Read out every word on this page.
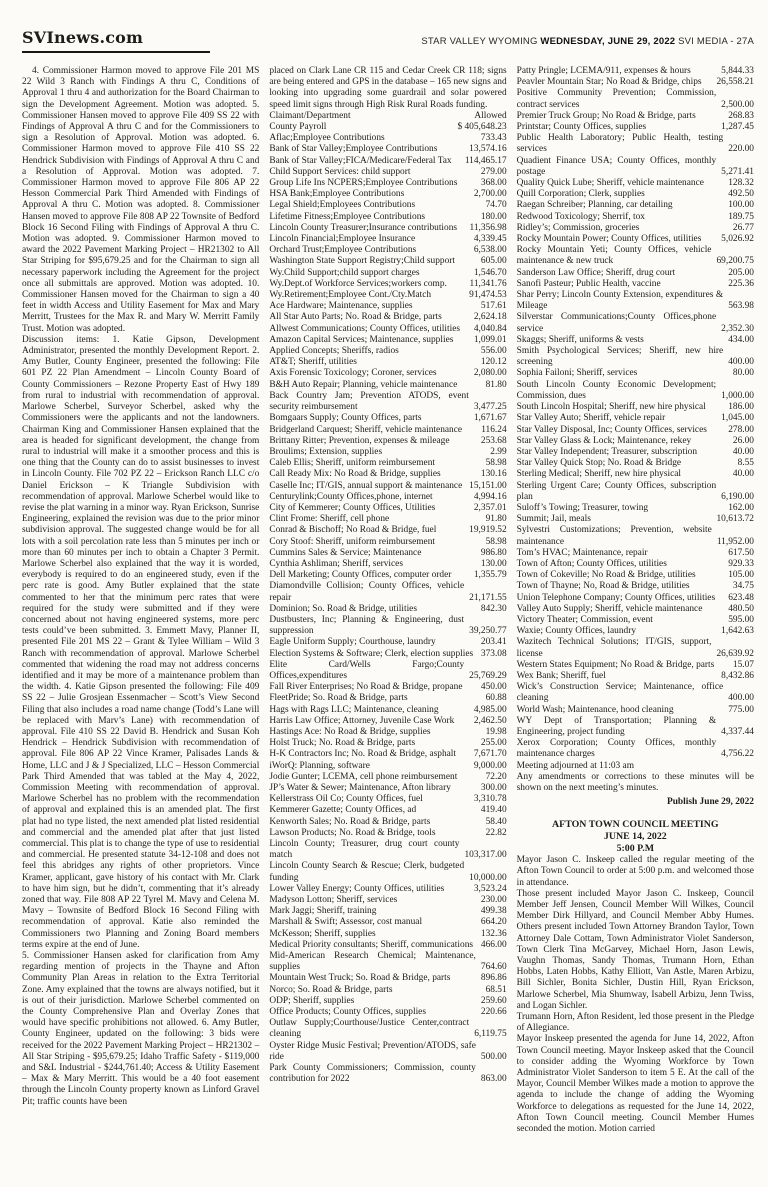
SVInews.com	STAR VALLEY WYOMING WEDNESDAY, JUNE 29, 2022 SVI MEDIA - 27A

4. Commissioner Harmon moved to approve File 201 MS 22 Wild 3 Ranch with Findings A thru C, Conditions of Approval 1 thru 4 and authorization for the Board Chairman to sign the Development Agreement. Motion was adopted. 5. Commissioner Hansen moved to approve File 409 SS 22 with Findings of Approval A thru C and for the Commissioners to sign a Resolution of Approval. Motion was adopted. 6. Commissioner Harmon moved to approve File 410 SS 22 Hendrick Subdivision with Findings of Approval A thru C and a Resolution of Approval. Motion was adopted. 7. Commissioner Harmon moved to approve File 806 AP 22 Hesson Commercial Park Third Amended with Findings of Approval A thru C. Motion was adopted. 8. Commissioner Hansen moved to approve File 808 AP 22 Townsite of Bedford Block 16 Second Filing with Findings of Approval A thru C. Motion was adopted. 9. Commissioner Harmon moved to award the 2022 Pavement Marking Project – HR21302 to All Star Striping for $95,679.25 and for the Chairman to sign all necessary paperwork including the Agreement for the project once all submittals are approved. Motion was adopted. 10. Commissioner Hansen moved for the Chairman to sign a 40 feet in width Access and Utility Easement for Max and Mary Merritt, Trustees for the Max R. and Mary W. Merritt Family Trust. Motion was adopted.

Discussion items: 1. Katie Gipson, Development Administrator, presented the monthly Development Report. 2. Amy Butler, County Engineer, presented the following: File 601 PZ 22 Plan Amendment – Lincoln County Board of County Commissioners – Rezone Property East of Hwy 189 from rural to industrial with recommendation of approval. Marlowe Scherbel, Surveyor Scherbel, asked why the Commissioners were the applicants and not the landowners. Chairman King and Commissioner Hansen explained that the area is headed for significant development, the change from rural to industrial will make it a smoother process and this is one thing that the County can do to assist businesses to invest in Lincoln County. File 702 PZ 22 – Erickson Ranch LLC c/o Daniel Erickson – K Triangle Subdivision with recommendation of approval. Marlowe Scherbel would like to revise the plat warning in a minor way. Ryan Erickson, Sunrise Engineering, explained the revision was due to the prior minor subdivision approval. The suggested change would be for all lots with a soil percolation rate less than 5 minutes per inch or more than 60 minutes per inch to obtain a Chapter 3 Permit. Marlowe Scherbel also explained that the way it is worded, everybody is required to do an engineered study, even if the perc rate is good. Amy Butler explained that the state commented to her that the minimum perc rates that were required for the study were submitted and if they were concerned about not having engineered systems, more perc tests could’ve been submitted. 3. Emmett Mavy, Planner II, presented File 201 MS 22 – Grant & Tylee William – Wild 3 Ranch with recommendation of approval. Marlowe Scherbel commented that widening the road may not address concerns identified and it may be more of a maintenance problem than the width. 4. Katie Gipson presented the following: File 409 SS 22 – Julie Grosjean Essenmacher – Scott’s View Second Filing that also includes a road name change (Todd’s Lane will be replaced with Marv’s Lane) with recommendation of approval. File 410 SS 22 David B. Hendrick and Susan Koh Hendrick – Hendrick Subdivision with recommendation of approval. File 806 AP 22 Vince Kramer, Palisades Lands & Home, LLC and J & J Specialized, LLC – Hesson Commercial Park Third Amended that was tabled at the May 4, 2022, Commission Meeting with recommendation of approval. Marlowe Scherbel has no problem with the recommendation of approval and explained this is an amended plat. The first plat had no type listed, the next amended plat listed residential and commercial and the amended plat after that just listed commercial. This plat is to change the type of use to residential and commercial. He presented statute 34-12-108 and does not feel this abridges any rights of other proprietors. Vince Kramer, applicant, gave history of his contact with Mr. Clark to have him sign, but he didn’t, commenting that it’s already zoned that way. File 808 AP 22 Tyrel M. Mavy and Celena M. Mavy – Townsite of Bedford Block 16 Second Filing with recommendation of approval. Katie also reminded the Commissioners two Planning and Zoning Board members terms expire at the end of June.

5. Commissioner Hansen asked for clarification from Amy regarding mention of projects in the Thayne and Afton Community Plan Areas in relation to the Extra Territorial Zone. Amy explained that the towns are always notified, but it is out of their jurisdiction. Marlowe Scherbel commented on the County Comprehensive Plan and Overlay Zones that would have specific prohibitions not allowed. 6. Amy Butler, County Engineer, updated on the following: 3 bids were received for the 2022 Pavement Marking Project – HR21302 – All Star Striping - $95,679.25; Idaho Traffic Safety - $119,000 and S&L Industrial - $244,761.40; Access & Utility Easement – Max & Mary Merritt. This would be a 40 foot easement through the Lincoln County property known as Linford Gravel Pit; traffic counts have been

placed on Clark Lane CR 115 and Cedar Creek CR 118; signs are being entered and GPS in the database – 165 new signs and looking into upgrading some guardrail and solar powered speed limit signs through High Risk Rural Roads funding.

Claimant/Department	Allowed
County Payroll	$ 405,648.23
Aflac;Employee Contributions	733.43
Bank of Star Valley;Employee Contributions	13,574.16
Bank of Star Valley;FICA/Medicare/Federal Tax	114,465.17
Child Support Services: child support	279.00
Group Life Ins NCPERS;Employee Contributions	368.00
HSA Bank;Employee Contributions	2,700.00
Legal Shield;Employees Contributions	74.70
Lifetime Fitness;Employee Contributions	180.00
Lincoln County Treasurer;Insurance contributions	11,356.98
Lincoln Financial;Employee Insurance	4,339.45
Orchard Trust;Employee Contributions	6,538.00
Washington State Support Registry;Child support	605.00
Wy.Child Support;child support charges	1,546.70
Wy.Dept.of Workforce Services;workers comp.	11,341.76
Wy.Retirement;Employee Cont./Cty.Match	91,474.53
Ace Hardware; Maintenance, supplies	517.61
All Star Auto Parts; No. Road & Bridge, parts	2,624.18
Allwest Communications; County Offices, utilities	4,040.84
Amazon Capital Services; Maintenance, supplies	1,099.01
Applied Concepts; Sheriffs, radios	556.00
AT&T; Sheriff, utilities	120.12
Axis Forensic Toxicology; Coroner, services	2,080.00
B&H Auto Repair; Planning, vehicle maintenance	81.80
Back Country Jam; Prevention ATODS, event security reimbursement	3,477.25
Bomgaars Supply; County Offices, parts	1,671.67
Bridgerland Carquest; Sheriff, vehicle maintenance	116.24
Brittany Ritter; Prevention, expenses & mileage	253.68
Broulims; Extension, supplies	2.99
Caleb Ellis; Sheriff, uniform reimbursement	58.98
Call Ready Mix: No Road & Bridge, supplies	130.16
Caselle Inc; IT/GIS, annual support & maintenance 15,151.00
Centurylink;County Offices,phone, internet	4,994.16
City of Kemmerer; County Offices, Utilities	2,357.01
Clint Frome: Sheriff, cell phone	91.80
Conrad & Bischoff; No Road & Bridge, fuel	19,919.52
Cory Stoof: Sheriff, uniform reimbursement	58.98
Cummins Sales & Service; Maintenance	986.80
Cynthia Ashliman; Sheriff, services	130.00
Dell Marketing; County Offices, computer order	1,355.79
Diamondville Collision; County Offices, vehicle repair	21,171.55
Dominion; So. Road & Bridge, utilities	842.30
Dustbusters, Inc; Planning & Engineering, dust suppression	39,250.77
Eagle Uniform Supply; Courthouse, laundry	203.41
Election Systems & Software; Clerk, election supplies 373.08
Elite Card/Wells Fargo;County Offices,expenditures	25,769.29
Fall River Enterprises; No Road & Bridge, propane	450.00
FleetPride; So. Road & Bridge, parts	60.88
Hags with Rags LLC; Maintenance, cleaning	4,985.00
Harris Law Office; Attorney, Juvenile Case Work	2,462.50
Hastings Ace: No Road & Bridge, supplies	19.98
Holst Truck; No. Road & Bridge, parts	255.00
H-K Contractors Inc; No. Road & Bridge, asphalt	7,671.70
iWorQ: Planning, software	9,000.00
Jodie Gunter; LCEMA, cell phone reimbursement	72.20
JP’s Water & Sewer; Maintenance, Afton library	300.00
Kellerstrass Oil Co; County Offices, fuel	3,310.78
Kemmerer Gazette; County Offices, ad	419.40
Kenworth Sales; No. Road & Bridge, parts	58.40
Lawson Products; No. Road & Bridge, tools	22.82
Lincoln County; Treasurer, drug court county match	103,317.00
Lincoln County Search & Rescue; Clerk, budgeted funding	10,000.00
Lower Valley Energy; County Offices, utilities	3,523.24
Madyson Lotton; Sheriff, services	230.00
Mark Jaggi; Sheriff, training	499.38
Marshall & Swift; Assessor, cost manual	664.20
McKesson; Sheriff, supplies	132.36
Medical Priority consultants; Sheriff, communications 466.00
Mid-American Research Chemical; Maintenance, supplies	764.60
Mountain West Truck; So. Road & Bridge, parts	896.86
Norco; So. Road & Bridge, parts	68.51
ODP; Sheriff, supplies	259.60
Office Products; County Offices, supplies	220.66
Outlaw Supply;Courthouse/Justice Center,contract cleaning	6,119.75
Oyster Ridge Music Festival; Prevention/ATODS, safe ride	500.00
Park County Commissioners; Commission, county contribution for 2022	863.00
Patty Pringle; LCEMA/911, expenses & hours	5,844.33
Peavler Mountain Star; No Road & Bridge, chips	26,558.21
Positive Community Prevention; Commission, contract services	2,500.00
Premier Truck Group; No Road & Bridge, parts	268.83
Printstar; County Offices, supplies	1,287.45
Public Health Laboratory; Public Health, testing services	220.00
Quadient Finance USA; County Offices, monthly postage	5,271.41
Quality Quick Lube; Sheriff, vehicle maintenance	128.32
Quill Corporation; Clerk, supplies	492.50
Raegan Schreiber; Planning, car detailing	100.00
Redwood Toxicology; Sherrif, tox	189.75
Ridley’s; Commission, groceries	26.77
Rocky Mountain Power; County Offices, utilities	5,026.92
Rocky Mountain Yeti; County Offices, vehicle maintenance & new truck	69,200.75
Sanderson Law Office; Sheriff, drug court	205.00
Sanofi Pasteur; Public Health, vaccine	225.36
Shar Perry; Lincoln County Extension, expenditures & Mileage	563.98
Silverstar Communications;County Offices,phone service	2,352.30
Skaggs; Sheriff, uniforms & vests	434.00
Smith Psychological Services; Sheriff, new hire screening	400.00
Sophia Failoni; Sheriff, services	80.00
South Lincoln County Economic Development; Commission, dues	1,000.00
South Lincoln Hospital; Sheriff, new hire physical	186.00
Star Valley Auto; Sheriff, vehicle repair	1,045.00
Star Valley Disposal, Inc; County Offices, services	278.00
Star Valley Glass & Lock; Maintenance, rekey	26.00
Star Valley Independent; Treasurer, subscription	40.00
Star Valley Quick Stop; No. Road & Bridge	8.55
Sterling Medical; Sheriff, new hire physical	40.00
Sterling Urgent Care; County Offices, subscription plan	6,190.00
Suloff’s Towing; Treasurer, towing	162.00
Summit; Jail, meals	10,613.72
Sylvestri Customizations; Prevention, website maintenance	11,952.00
Tom’s HVAC; Maintenance, repair	617.50
Town of Afton; County Offices, utilities	929.33
Town of Cokeville; No Road & Bridge, utilities	105.00
Town of Thayne; No, Road & Bridge, utilities	34.75
Union Telephone Company; County Offices, utilities	623.48
Valley Auto Supply; Sheriff, vehicle maintenance	480.50
Victory Theater; Commission, event	595.00
Waxie; County Offices, laundry	1,642.63
Wazitech Technical Solutions; IT/GIS, support, license	26,639.92
Western States Equipment; No Road & Bridge, parts	15.07
Wex Bank; Sheriff, fuel	8,432.86
Wick’s Construction Service; Maintenance, office cleaning	400.00
World Wash; Maintenance, hood cleaning	775.00
WY Dept of Transportation; Planning & Engineering, project funding	4,337.44
Xerox Corporation; County Offices, monthly maintenance charges	4,756.22

Meeting adjourned at 11:03 am

Any amendments or corrections to these minutes will be shown on the next meeting’s minutes.

Publish June 29, 2022

AFTON TOWN COUNCIL MEETING
JUNE 14, 2022
5:00 P.M

Mayor Jason C. Inskeep called the regular meeting of the Afton Town Council to order at 5:00 p.m. and welcomed those in attendance.

Those present included Mayor Jason C. Inskeep, Council Member Jeff Jensen, Council Member Will Wilkes, Council Member Dirk Hillyard, and Council Member Abby Humes. Others present included Town Attorney Brandon Taylor, Town Attorney Dale Cottam, Town Administrator Violet Sanderson, Town Clerk Tina McGarvey, Michael Horn, Jason Lewis, Vaughn Thomas, Sandy Thomas, Trumann Horn, Ethan Hobbs, Laten Hobbs, Kathy Elliott, Van Astle, Maren Arbizu, Bill Sichler, Bonita Sichler, Dustin Hill, Ryan Erickson, Marlowe Scherbel, Mia Shumway, Isabell Arbizu, Jenn Twiss, and Logan Sichler.

Trumann Horn, Afton Resident, led those present in the Pledge of Allegiance.

Mayor Inskeep presented the agenda for June 14, 2022, Afton Town Council meeting. Mayor Inskeep asked that the Council to consider adding the Wyoming Workforce by Town Administrator Violet Sanderson to item 5 E. At the call of the Mayor, Council Member Wilkes made a motion to approve the agenda to include the change of adding the Wyoming Workforce to delegations as requested for the June 14, 2022, Afton Town Council meeting. Council Member Humes seconded the motion. Motion carried
